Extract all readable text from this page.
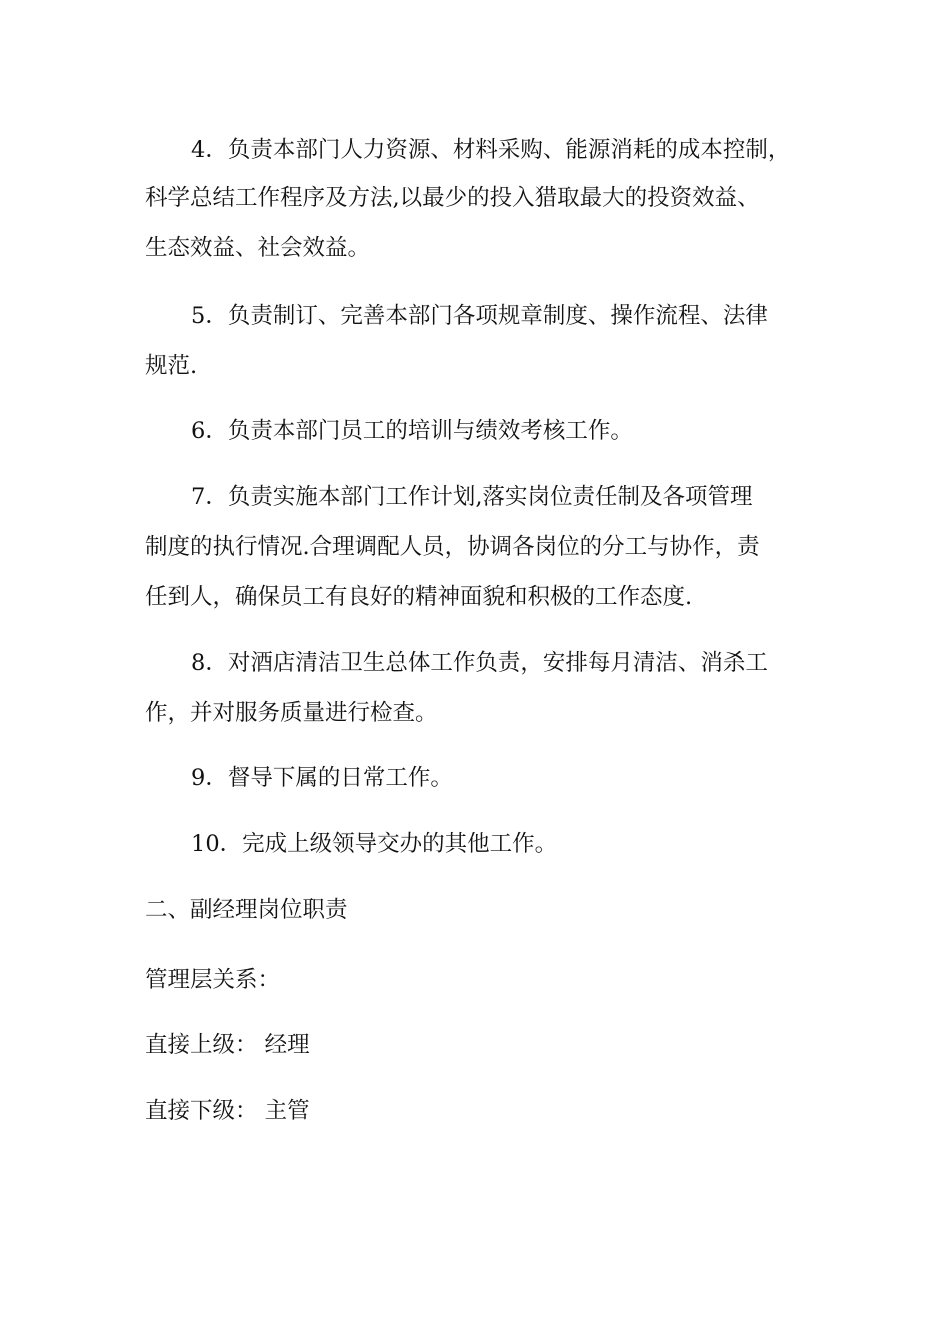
4．负责本部门人力资源、材料采购、能源消耗的成本控制，

科学总结工作程序及方法,以最少的投入猎取最大的投资效益、

生态效益、社会效益。

5．负责制订、完善本部门各项规章制度、操作流程、法律

规范.

6．负责本部门员工的培训与绩效考核工作。

7．负责实施本部门工作计划,落实岗位责任制及各项管理

制度的执行情况.合理调配人员，协调各岗位的分工与协作，责

任到人，确保员工有良好的精神面貌和积极的工作态度.

8．对酒店清洁卫生总体工作负责，安排每月清洁、消杀工

作，并对服务质量进行检查。

9．督导下属的日常工作。

10．完成上级领导交办的其他工作。

二、副经理岗位职责

管理层关系：

直接上级： 经理

直接下级： 主管
